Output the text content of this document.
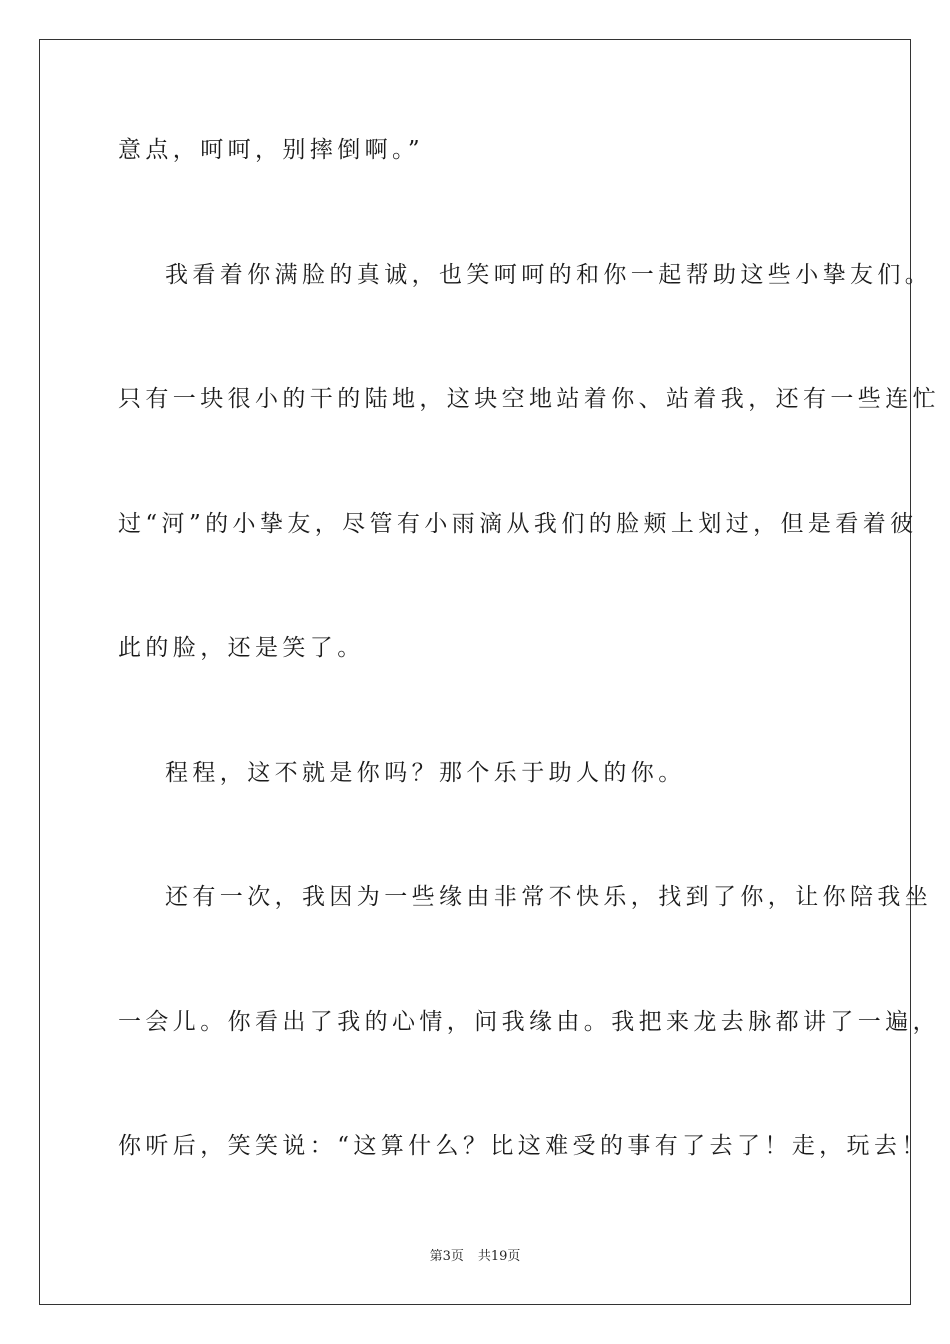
意点，呵呵，别摔倒啊。”
我看着你满脸的真诚，也笑呵呵的和你一起帮助这些小挚友们。
只有一块很小的干的陆地，这块空地站着你、站着我，还有一些连忙
过“河”的小挚友，尽管有小雨滴从我们的脸颊上划过，但是看着彼
此的脸，还是笑了。
程程，这不就是你吗？那个乐于助人的你。
还有一次，我因为一些缘由非常不快乐，找到了你，让你陪我坐
一会儿。你看出了我的心情，问我缘由。我把来龙去脉都讲了一遍，
你听后，笑笑说：“这算什么？比这难受的事有了去了！走，玩去！
第3页 共19页
